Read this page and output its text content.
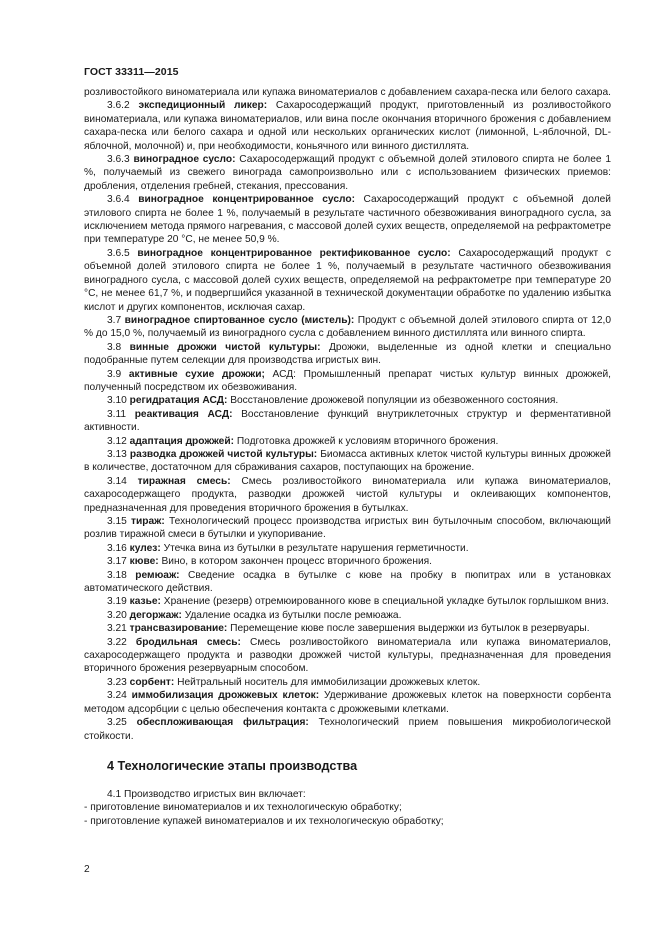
ГОСТ 33311—2015

розливостойкого виноматериала или купажа виноматериалов с добавлением сахара-песка или белого сахара.

3.6.2 экспедиционный ликер: Сахаросодержащий продукт, приготовленный из розливостойкого виноматериала, или купажа виноматериалов, или вина после окончания вторичного брожения с добавлением сахара-песка или белого сахара и одной или нескольких органических кислот (лимонной, L-яблочной, DL-яблочной, молочной) и, при необходимости, коньячного или винного дистиллята.

3.6.3 виноградное сусло: Сахаросодержащий продукт с объемной долей этилового спирта не более 1 %, получаемый из свежего винограда самопроизвольно или с использованием физических приемов: дробления, отделения гребней, стекания, прессования.

3.6.4 виноградное концентрированное сусло: Сахаросодержащий продукт с объемной долей этилового спирта не более 1 %, получаемый в результате частичного обезвоживания виноградного сусла, за исключением метода прямого нагревания, с массовой долей сухих веществ, определяемой на рефрактометре при температуре 20 °С, не менее 50,9 %.

3.6.5 виноградное концентрированное ректификованное сусло: Сахаросодержащий продукт с объемной долей этилового спирта не более 1 %, получаемый в результате частичного обезвоживания виноградного сусла, с массовой долей сухих веществ, определяемой на рефрактометре при температуре 20 °С, не менее 61,7 %, и подвергшийся указанной в технической документации обработке по удалению избытка кислот и других компонентов, исключая сахар.

3.7 виноградное спиртованное сусло (мистель): Продукт с объемной долей этилового спирта от 12,0 % до 15,0 %, получаемый из виноградного сусла с добавлением винного дистиллята или винного спирта.

3.8 винные дрожжи чистой культуры: Дрожжи, выделенные из одной клетки и специально подобранные путем селекции для производства игристых вин.

3.9 активные сухие дрожжи; АСД: Промышленный препарат чистых культур винных дрожжей, полученный посредством их обезвоживания.

3.10 регидратация АСД: Восстановление дрожжевой популяции из обезвоженного состояния.

3.11 реактивация АСД: Восстановление функций внутриклеточных структур и ферментативной активности.

3.12 адаптация дрожжей: Подготовка дрожжей к условиям вторичного брожения.

3.13 разводка дрожжей чистой культуры: Биомасса активных клеток чистой культуры винных дрожжей в количестве, достаточном для сбраживания сахаров, поступающих на брожение.

3.14 тиражная смесь: Смесь розливостойкого виноматериала или купажа виноматериалов, сахаросодержащего продукта, разводки дрожжей чистой культуры и оклеивающих компонентов, предназначенная для проведения вторичного брожения в бутылках.

3.15 тираж: Технологический процесс производства игристых вин бутылочным способом, включающий розлив тиражной смеси в бутылки и укупоривание.

3.16 кулез: Утечка вина из бутылки в результате нарушения герметичности.

3.17 кюве: Вино, в котором закончен процесс вторичного брожения.

3.18 ремюаж: Сведение осадка в бутылке с кюве на пробку в пюпитрах или в установках автоматического действия.

3.19 казье: Хранение (резерв) отремюированного кюве в специальной укладке бутылок горлышком вниз.

3.20 дегоржаж: Удаление осадка из бутылки после ремюажа.

3.21 трансвазирование: Перемещение кюве после завершения выдержки из бутылок в резервуары.

3.22 бродильная смесь: Смесь розливостойкого виноматериала или купажа виноматериалов, сахаросодержащего продукта и разводки дрожжей чистой культуры, предназначенная для проведения вторичного брожения резервуарным способом.

3.23 сорбент: Нейтральный носитель для иммобилизации дрожжевых клеток.

3.24 иммобилизация дрожжевых клеток: Удерживание дрожжевых клеток на поверхности сорбента методом адсорбции с целью обеспечения контакта с дрожжевыми клетками.

3.25 обеспложивающая фильтрация: Технологический прием повышения микробиологической стойкости.

4 Технологические этапы производства

4.1 Производство игристых вин включает:

- приготовление виноматериалов и их технологическую обработку;

- приготовление купажей виноматериалов и их технологическую обработку;

2
